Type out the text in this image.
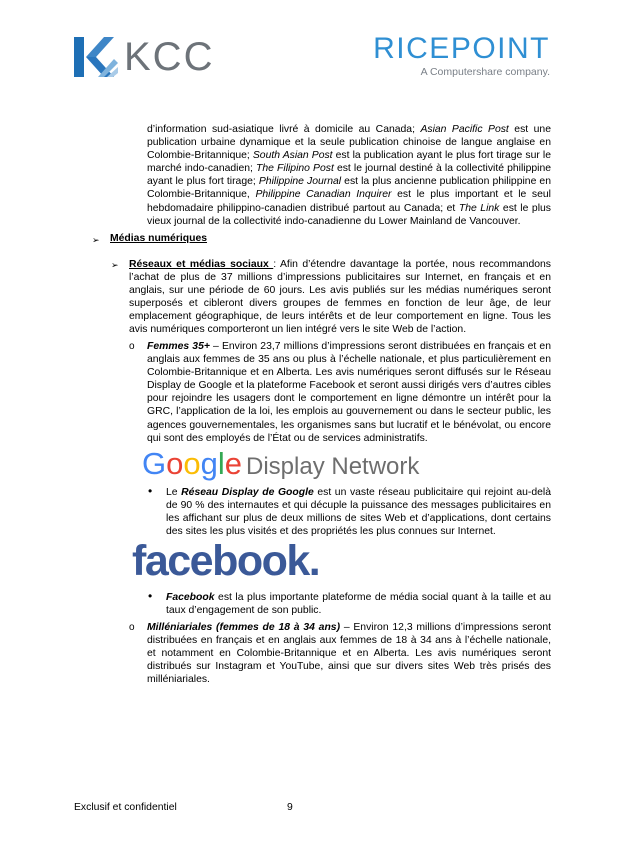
KCC	RICEPOINT
A Computershare company.
d’information sud-asiatique livré à domicile au Canada; Asian Pacific Post est une publication urbaine dynamique et la seule publication chinoise de langue anglaise en Colombie-Britannique; South Asian Post est la publication ayant le plus fort tirage sur le marché indo-canadien; The Filipino Post est le journal destiné à la collectivité philippine ayant le plus fort tirage; Philippine Journal est la plus ancienne publication philippine en Colombie-Britannique, Philippine Canadian Inquirer est le plus important et le seul hebdomadaire philippino-canadien distribué partout au Canada; et The Link est le plus vieux journal de la collectivité indo-canadienne du Lower Mainland de Vancouver.
➢ Médias numériques
➢ Réseaux et médias sociaux : Afin d’étendre davantage la portée, nous recommandons l’achat de plus de 37 millions d’impressions publicitaires sur Internet, en français et en anglais, sur une période de 60 jours. Les avis publiés sur les médias numériques seront superposés et cibleront divers groupes de femmes en fonction de leur âge, de leur emplacement géographique, de leurs intérêts et de leur comportement en ligne. Tous les avis numériques comporteront un lien intégré vers le site Web de l’action.
o Femmes 35+ – Environ 23,7 millions d’impressions seront distribuées en français et en anglais aux femmes de 35 ans ou plus à l’échelle nationale, et plus particulièrement en Colombie-Britannique et en Alberta. Les avis numériques seront diffusés sur le Réseau Display de Google et la plateforme Facebook et seront aussi dirigés vers d’autres cibles pour rejoindre les usagers dont le comportement en ligne démontre un intérêt pour la GRC, l’application de la loi, les emplois au gouvernement ou dans le secteur public, les agences gouvernementales, les organismes sans but lucratif et le bénévolat, ou encore qui sont des employés de l’État ou de services administratifs.
G o o g l e Display Network
• Le Réseau Display de Google est un vaste réseau publicitaire qui rejoint au-delà de 90 % des internautes et qui décuple la puissance des messages publicitaires en les affichant sur plus de deux millions de sites Web et d’applications, dont certains des sites les plus visités et des propriétés les plus connues sur Internet.
facebook.
• Facebook est la plus importante plateforme de média social quant à la taille et au taux d’engagement de son public.
o Milléniariales (femmes de 18 à 34 ans) – Environ 12,3 millions d’impressions seront distribuées en français et en anglais aux femmes de 18 à 34 ans à l’échelle nationale, et notamment en Colombie-Britannique et en Alberta. Les avis numériques seront distribués sur Instagram et YouTube, ainsi que sur divers sites Web très prisés des milléniariales.
Exclusif et confidentiel	9
